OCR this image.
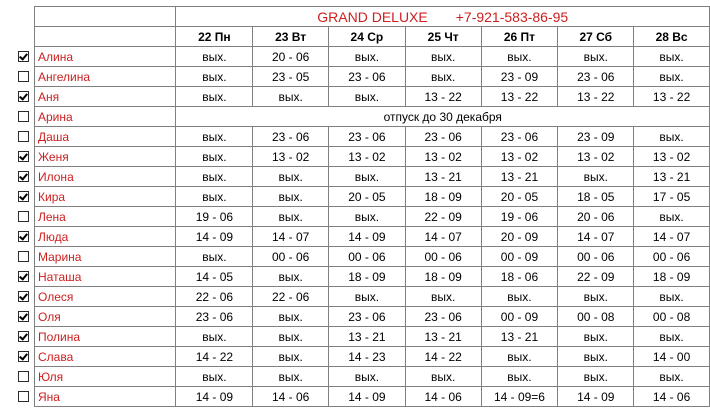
	GRAND DELUXE +7-921-583-86-95						
	22 Пн	23 Вт	24 Ср	25 Чт	26 Пт	27 Сб	28 Вс
Алина	вых.	20 - 06	вых.	вых.	вых.	вых.	вых.
Ангелина	вых.	23 - 05	23 - 06	вых.	23 - 09	23 - 06	вых.
Аня	вых.	вых.	вых.	13 - 22	13 - 22	13 - 22	13 - 22
Арина	отпуск до 30 декабря						
Даша	вых.	23 - 06	23 - 06	23 - 06	23 - 06	23 - 09	вых.
Женя	вых.	13 - 02	13 - 02	13 - 02	13 - 02	13 - 02	13 - 02
Илона	вых.	вых.	вых.	13 - 21	13 - 21	вых.	13 - 21
Кира	вых.	вых.	20 - 05	18 - 09	20 - 05	18 - 05	17 - 05
Лена	19 - 06	вых.	вых.	22 - 09	19 - 06	20 - 06	вых.
Люда	14 - 09	14 - 07	14 - 09	14 - 07	20 - 09	14 - 07	14 - 07
Марина	вых.	00 - 06	00 - 06	00 - 06	00 - 09	00 - 06	00 - 06
Наташа	14 - 05	вых.	18 - 09	18 - 09	18 - 06	22 - 09	18 - 09
Олеся	22 - 06	22 - 06	вых.	вых.	вых.	вых.	вых.
Оля	23 - 06	вых.	23 - 06	23 - 06	00 - 09	00 - 08	00 - 08
Полина	вых.	вых.	13 - 21	13 - 21	13 - 21	вых.	вых.
Слава	14 - 22	вых.	14 - 23	14 - 22	вых.	вых.	14 - 00
Юля	вых.	вых.	вых.	вых.	вых.	вых.	вых.
Яна	14 - 09	14 - 06	14 - 09	14 - 06	14 - 09=6	14 - 09	14 - 06
